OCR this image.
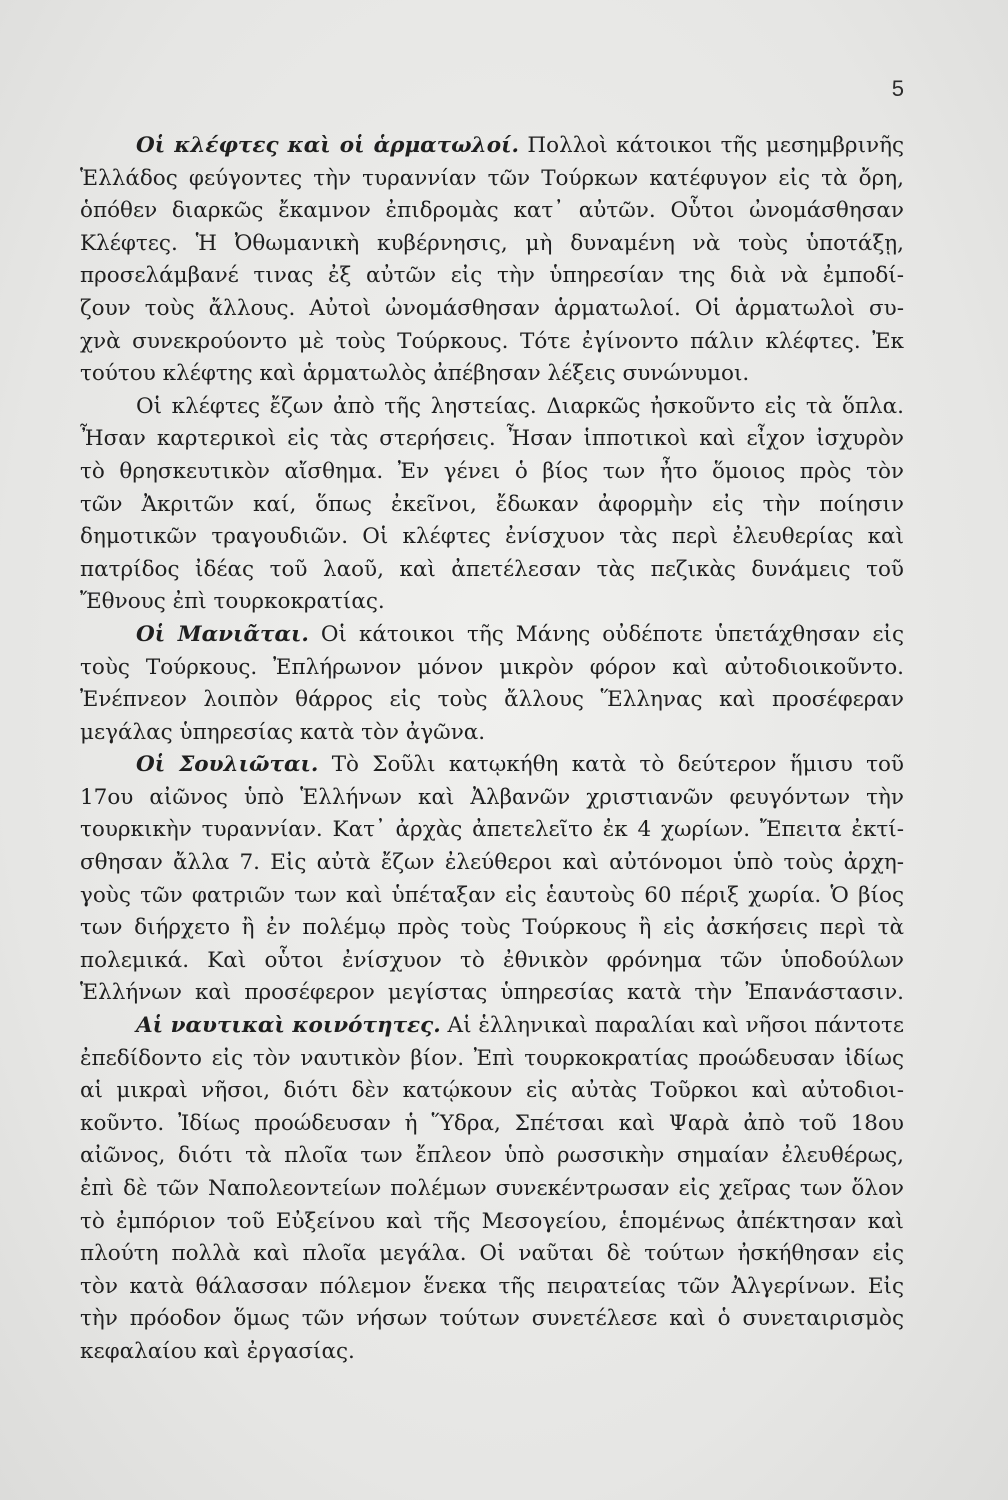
5
Οἱ κλέφτες καὶ οἱ ἁρματωλοί. Πολλοὶ κάτοικοι τῆς μεσημβρινῆς
Ἑλλάδος φεύγοντες τὴν τυραννίαν τῶν Τούρκων κατέφυγον εἰς τὰ ὄρη,
ὁπόθεν διαρκῶς ἔκαμνον ἐπιδρομὰς κατ᾿ αὐτῶν. Οὗτοι ὠνομάσθησαν
Κλέφτες. Ἡ Ὀθωμανικὴ κυβέρνησις, μὴ δυναμένη νὰ τοὺς ὑποτάξῃ,
προσελάμβανέ τινας ἐξ αὐτῶν εἰς τὴν ὑπηρεσίαν της διὰ νὰ ἐμποδί-
ζουν τοὺς ἄλλους. Αὐτοὶ ὠνομάσθησαν ἁρματωλοί. Οἱ ἁρματωλοὶ συ-
χνὰ συνεκρούοντο μὲ τοὺς Τούρκους. Τότε ἐγίνοντο πάλιν κλέφτες. Ἐκ
τούτου κλέφτης καὶ ἁρματωλὸς ἀπέβησαν λέξεις συνώνυμοι.
Οἱ κλέφτες ἔζων ἀπὸ τῆς ληστείας. Διαρκῶς ἠσκοῦντο εἰς τὰ ὅπλα.
Ἦσαν καρτερικοὶ εἰς τὰς στερήσεις. Ἦσαν ἱπποτικοὶ καὶ εἶχον ἰσχυρὸν
τὸ θρησκευτικὸν αἴσθημα. Ἐν γένει ὁ βίος των ἦτο ὅμοιος πρὸς τὸν
τῶν Ἀκριτῶν καί, ὅπως ἐκεῖνοι, ἔδωκαν ἀφορμὴν εἰς τὴν ποίησιν
δημοτικῶν τραγουδιῶν. Οἱ κλέφτες ἐνίσχυον τὰς περὶ ἐλευθερίας καὶ
πατρίδος ἰδέας τοῦ λαοῦ, καὶ ἀπετέλεσαν τὰς πεζικὰς δυνάμεις τοῦ
Ἔθνους ἐπὶ τουρκοκρατίας.
Οἱ Μανιᾶται. Οἱ κάτοικοι τῆς Μάνης οὐδέποτε ὑπετάχθησαν εἰς
τοὺς Τούρκους. Ἐπλήρωνον μόνον μικρὸν φόρον καὶ αὐτοδιοικοῦντο.
Ἐνέπνεον λοιπὸν θάρρος εἰς τοὺς ἄλλους Ἕλληνας καὶ προσέφεραν
μεγάλας ὑπηρεσίας κατὰ τὸν ἀγῶνα.
Οἱ Σουλιῶται. Τὸ Σοῦλι κατῳκήθη κατὰ τὸ δεύτερον ἥμισυ τοῦ
17ου αἰῶνος ὑπὸ Ἑλλήνων καὶ Ἀλβανῶν χριστιανῶν φευγόντων τὴν
τουρκικὴν τυραννίαν. Κατ᾿ ἀρχὰς ἀπετελεῖτο ἐκ 4 χωρίων. Ἔπειτα ἐκτί-
σθησαν ἄλλα 7. Εἰς αὐτὰ ἔζων ἐλεύθεροι καὶ αὐτόνομοι ὑπὸ τοὺς ἀρχη-
γοὺς τῶν φατριῶν των καὶ ὑπέταξαν εἰς ἑαυτοὺς 60 πέριξ χωρία. Ὁ βίος
των διήρχετο ἢ ἐν πολέμῳ πρὸς τοὺς Τούρκους ἢ εἰς ἀσκήσεις περὶ τὰ
πολεμικά. Καὶ οὗτοι ἐνίσχυον τὸ ἐθνικὸν φρόνημα τῶν ὑποδούλων
Ἑλλήνων καὶ προσέφερον μεγίστας ὑπηρεσίας κατὰ τὴν Ἐπανάστασιν.
Αἱ ναυτικαὶ κοινότητες. Αἱ ἑλληνικαὶ παραλίαι καὶ νῆσοι πάντοτε
ἐπεδίδοντο εἰς τὸν ναυτικὸν βίον. Ἐπὶ τουρκοκρατίας προώδευσαν ἰδίως
αἱ μικραὶ νῆσοι, διότι δὲν κατῴκουν εἰς αὐτὰς Τοῦρκοι καὶ αὐτοδιοι-
κοῦντο. Ἰδίως προώδευσαν ἡ Ὕδρα, Σπέτσαι καὶ Ψαρὰ ἀπὸ τοῦ 18ου
αἰῶνος, διότι τὰ πλοῖα των ἔπλεον ὑπὸ ρωσσικὴν σημαίαν ἐλευθέρως,
ἐπὶ δὲ τῶν Ναπολεοντείων πολέμων συνεκέντρωσαν εἰς χεῖρας των ὅλον
τὸ ἐμπόριον τοῦ Εὐξείνου καὶ τῆς Μεσογείου, ἑπομένως ἀπέκτησαν καὶ
πλούτη πολλὰ καὶ πλοῖα μεγάλα. Οἱ ναῦται δὲ τούτων ἠσκήθησαν εἰς
τὸν κατὰ θάλασσαν πόλεμον ἕνεκα τῆς πειρατείας τῶν Ἀλγερίνων. Εἰς
τὴν πρόοδον ὅμως τῶν νήσων τούτων συνετέλεσε καὶ ὁ συνεταιρισμὸς
κεφαλαίου καὶ ἐργασίας.
